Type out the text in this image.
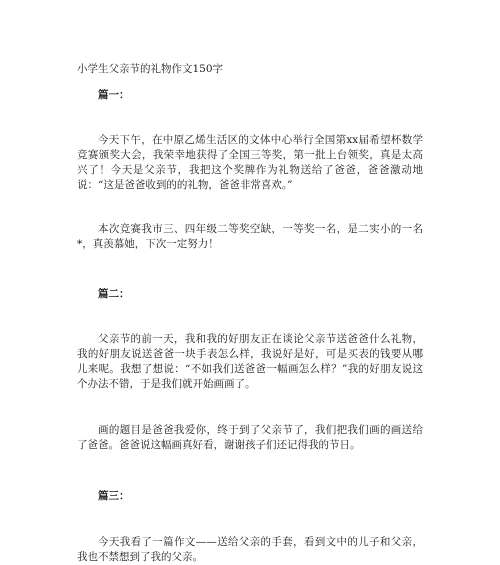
小学生父亲节的礼物作文150字
篇一：

今天下午，在中原乙烯生活区的文体中心举行全国第xx届希望杯数学竞赛颁奖大会，我荣幸地获得了全国三等奖，第一批上台领奖，真是太高兴了！今天是父亲节，我把这个奖牌作为礼物送给了爸爸，爸爸激动地说：“这是爸爸收到的的礼物，爸爸非常喜欢。”

本次竞赛我市三、四年级二等奖空缺，一等奖一名，是二实小的一名*，真羡慕她，下次一定努力！

篇二：

父亲节的前一天，我和我的好朋友正在谈论父亲节送爸爸什么礼物，我的好朋友说送爸爸一块手表怎么样，我说好是好，可是买表的钱要从哪儿来呢。我想了想说：“不如我们送爸爸一幅画怎么样？”我的好朋友说这个办法不错，于是我们就开始画画了。

画的题目是爸爸我爱你，终于到了父亲节了，我们把我们画的画送给了爸爸。爸爸说这幅画真好看，谢谢孩子们还记得我的节日。

篇三：

今天我看了一篇作文——送给父亲的手套，看到文中的儿子和父亲，我也不禁想到了我的父亲。
